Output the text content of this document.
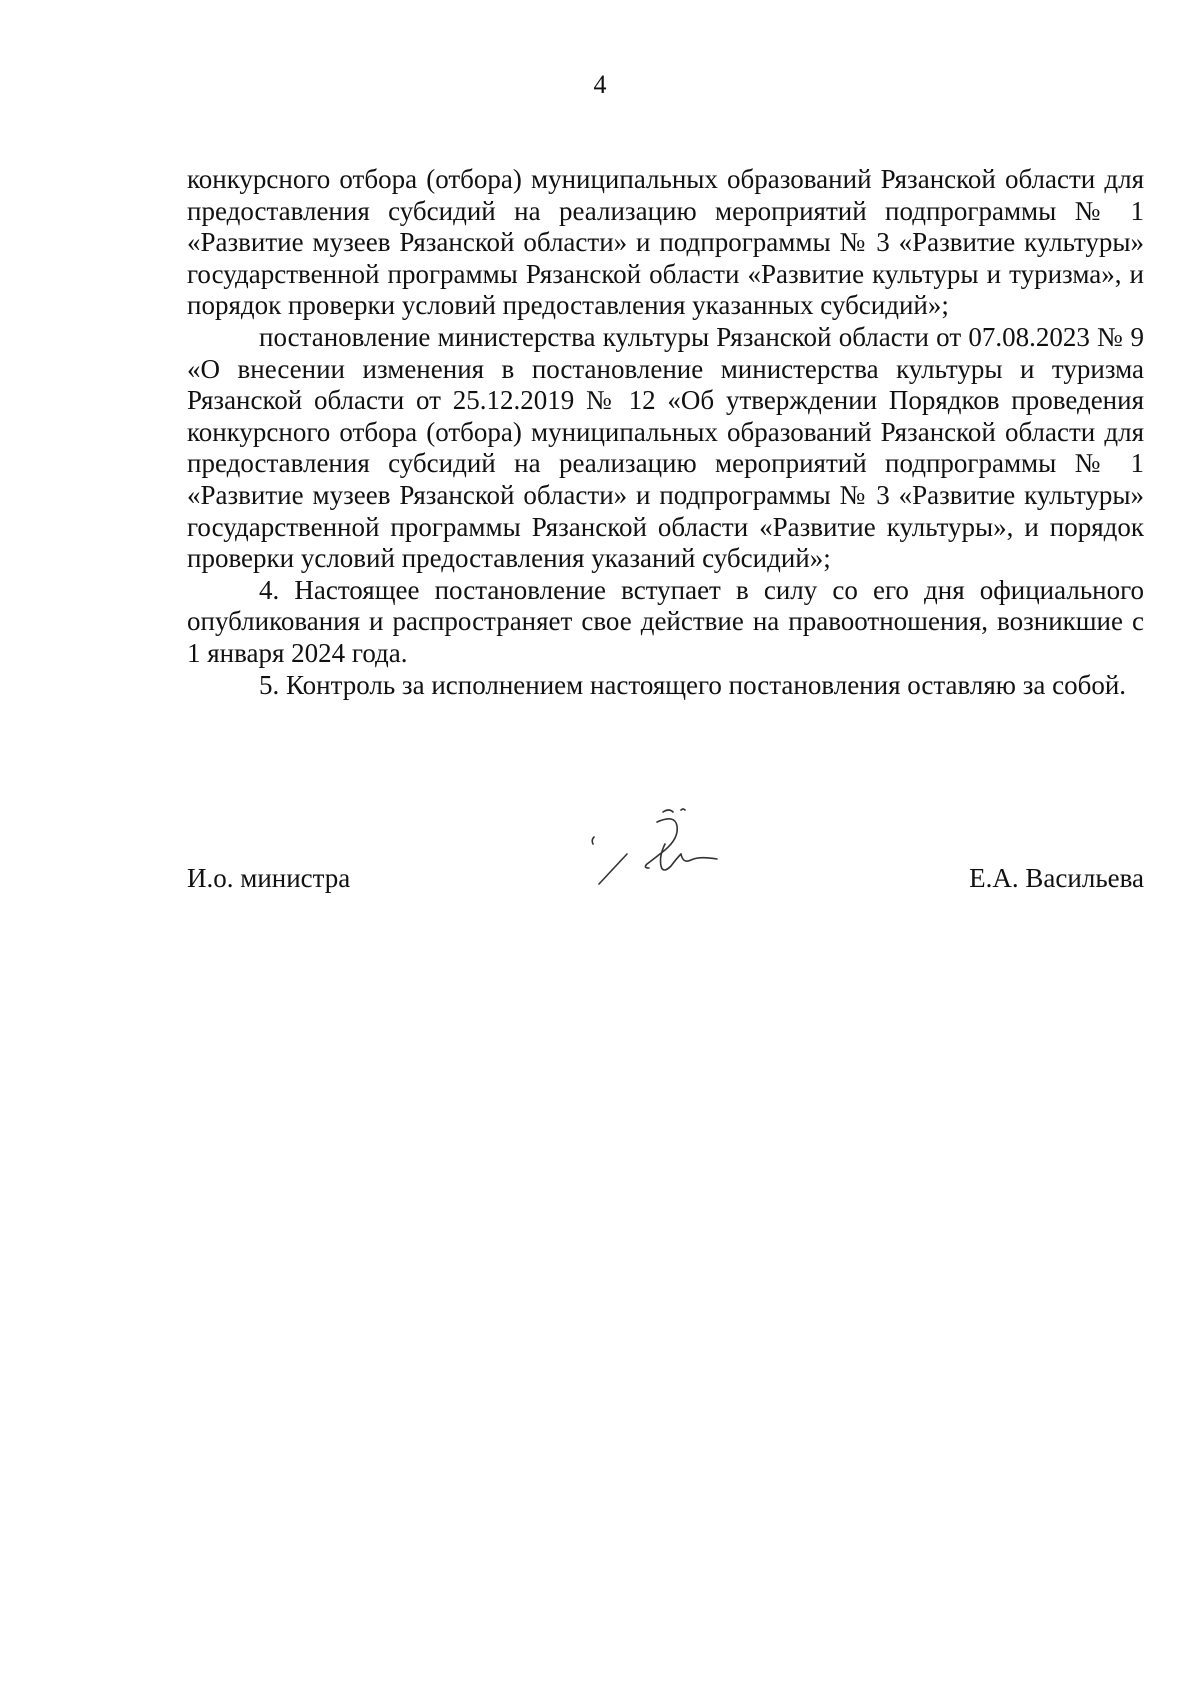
4

конкурсного отбора (отбора) муниципальных образований Рязанской области для предоставления субсидий на реализацию мероприятий подпрограммы № 1 «Развитие музеев Рязанской области» и подпрограммы № 3 «Развитие культуры» государственной программы Рязанской области «Развитие культуры и туризма», и порядок проверки условий предоставления указанных субсидий»;

постановление министерства культуры Рязанской области от 07.08.2023 № 9 «О внесении изменения в постановление министерства культуры и туризма Рязанской области от 25.12.2019 № 12 «Об утверждении Порядков проведения конкурсного отбора (отбора) муниципальных образований Рязанской области для предоставления субсидий на реализацию мероприятий подпрограммы № 1 «Развитие музеев Рязанской области» и подпрограммы № 3 «Развитие культуры» государственной программы Рязанской области «Развитие культуры», и порядок проверки условий предоставления указаний субсидий»;

4. Настоящее постановление вступает в силу со его дня официального опубликования и распространяет свое действие на правоотношения, возникшие с 1 января 2024 года.

5. Контроль за исполнением настоящего постановления оставляю за собой.

И.о. министра	Е.А. Васильева
